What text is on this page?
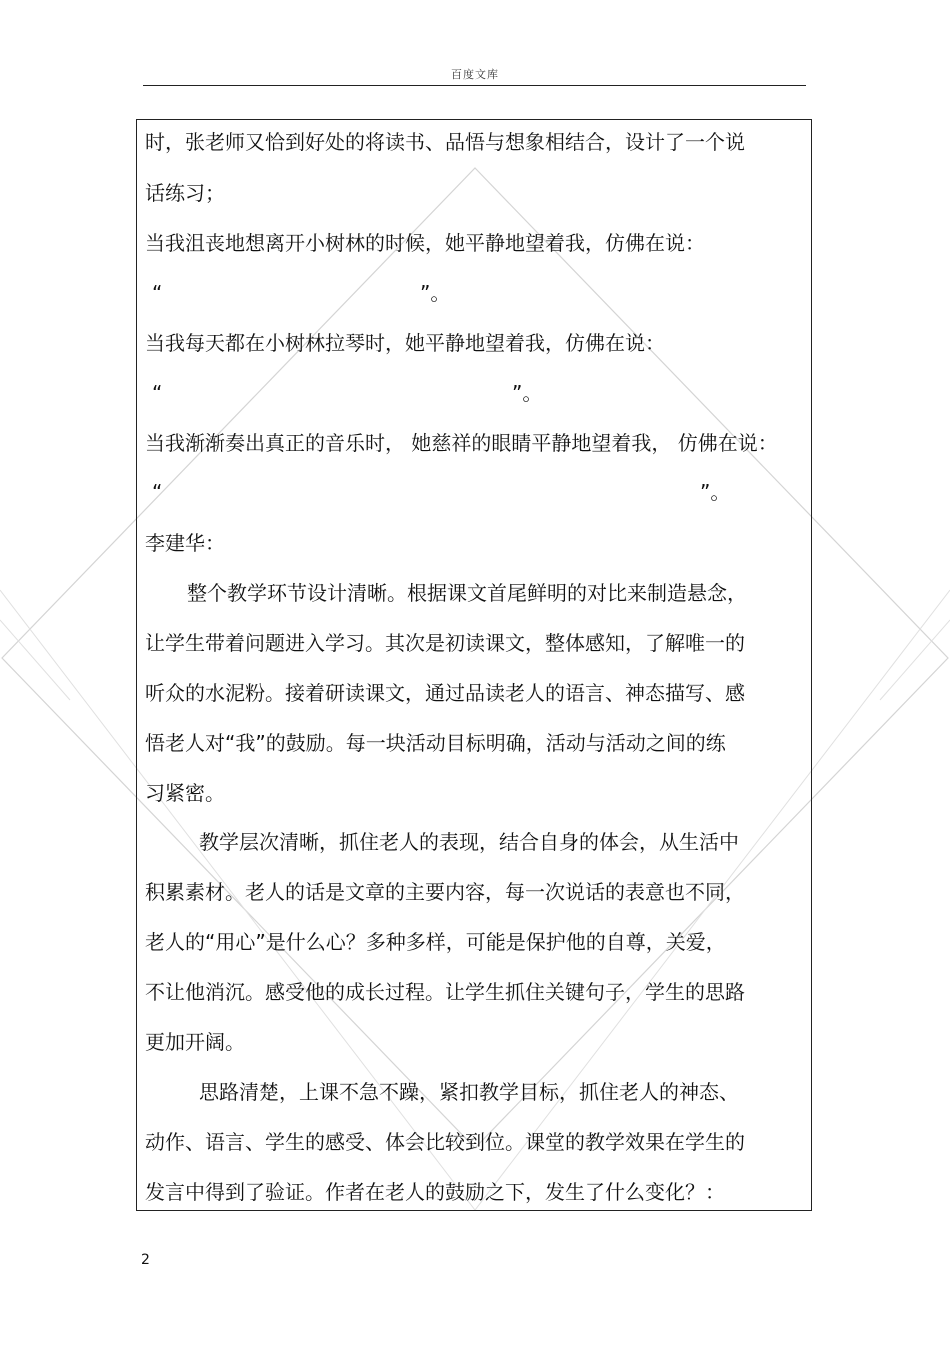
百度文库
时，张老师又恰到好处的将读书、品悟与想象相结合，设计了一个说
话练习；
当我沮丧地想离开小树林的时候，她平静地望着我，仿佛在说：
“	”。
当我每天都在小树林拉琴时，她平静地望着我，仿佛在说：
“	”。
当我渐渐奏出真正的音乐时， 她慈祥的眼睛平静地望着我， 仿佛在说：
“	”。
李建华：
整个教学环节设计清晰。根据课文首尾鲜明的对比来制造悬念，
让学生带着问题进入学习。其次是初读课文，整体感知，了解唯一的
听众的水泥粉。接着研读课文，通过品读老人的语言、神态描写、感
悟老人对“我”的鼓励。每一块活动目标明确，活动与活动之间的练
习紧密。
教学层次清晰，抓住老人的表现，结合自身的体会，从生活中
积累素材。老人的话是文章的主要内容，每一次说话的表意也不同，
老人的“用心”是什么心？多种多样，可能是保护他的自尊，关爱，
不让他消沉。感受他的成长过程。让学生抓住关键句子，学生的思路
更加开阔。
思路清楚，上课不急不躁，紧扣教学目标，抓住老人的神态、
动作、语言、学生的感受、体会比较到位。课堂的教学效果在学生的
发言中得到了验证。作者在老人的鼓励之下，发生了什么变化？：
2
